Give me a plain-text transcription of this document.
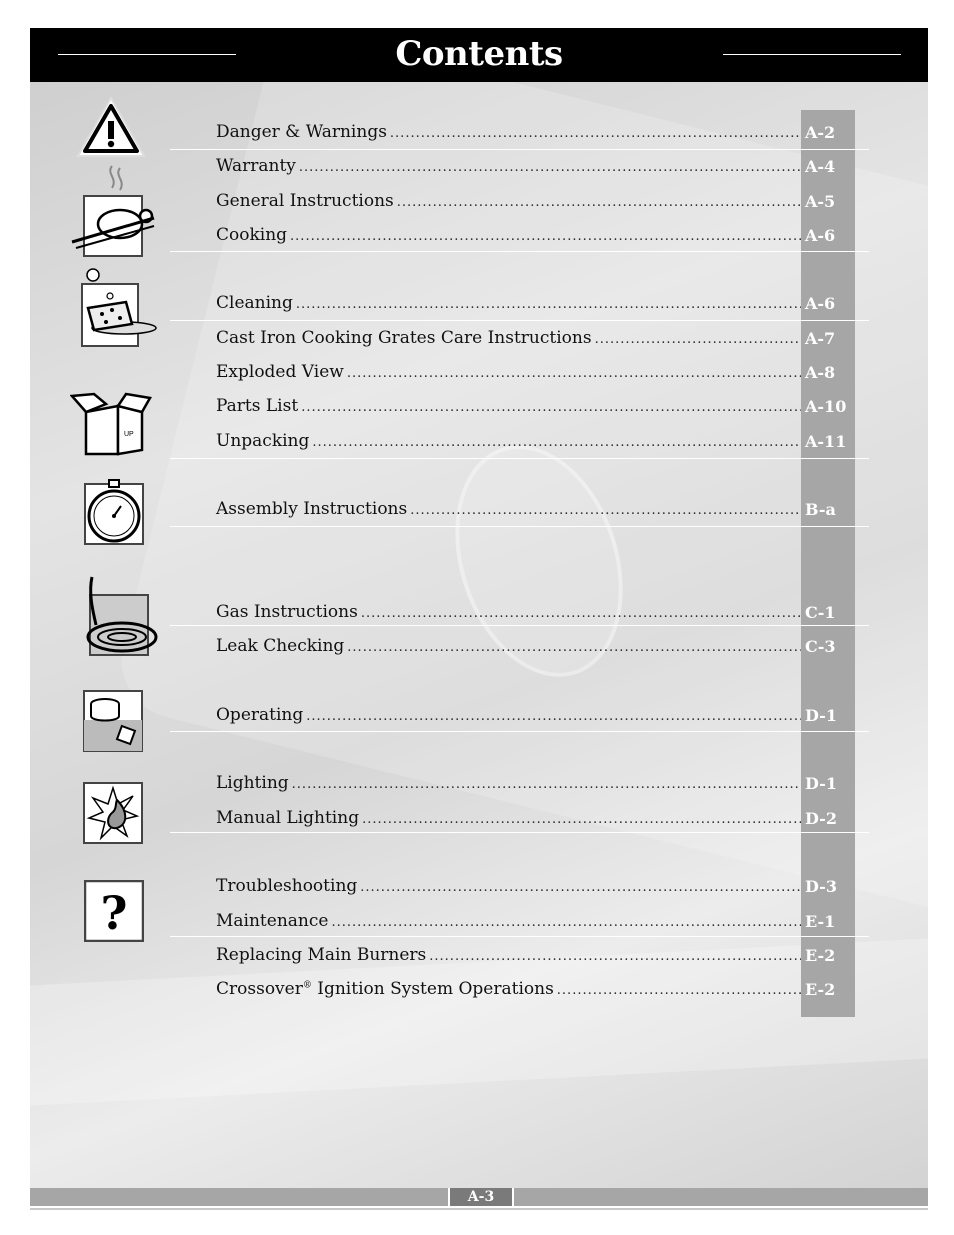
Contents
UP
?
Danger & Warnings .....	A-2
Warranty .....	A-4
General Instructions .....	A-5
Cooking .....	A-6
Cleaning .....	A-6
Cast Iron Cooking Grates Care Instructions .....	A-7
Exploded View .....	A-8
Parts List .....	A-10
Unpacking .....	A-11
Assembly Instructions .....	B-a
Gas Instructions .....	C-1
Leak Checking .....	C-3
Operating .....	D-1
Lighting .....	D-1
Manual Lighting .....	D-2
Troubleshooting .....	D-3
Maintenance .....	E-1
Replacing Main Burners .....	E-2
Crossover® Ignition System Operations .....	E-2
A-3
